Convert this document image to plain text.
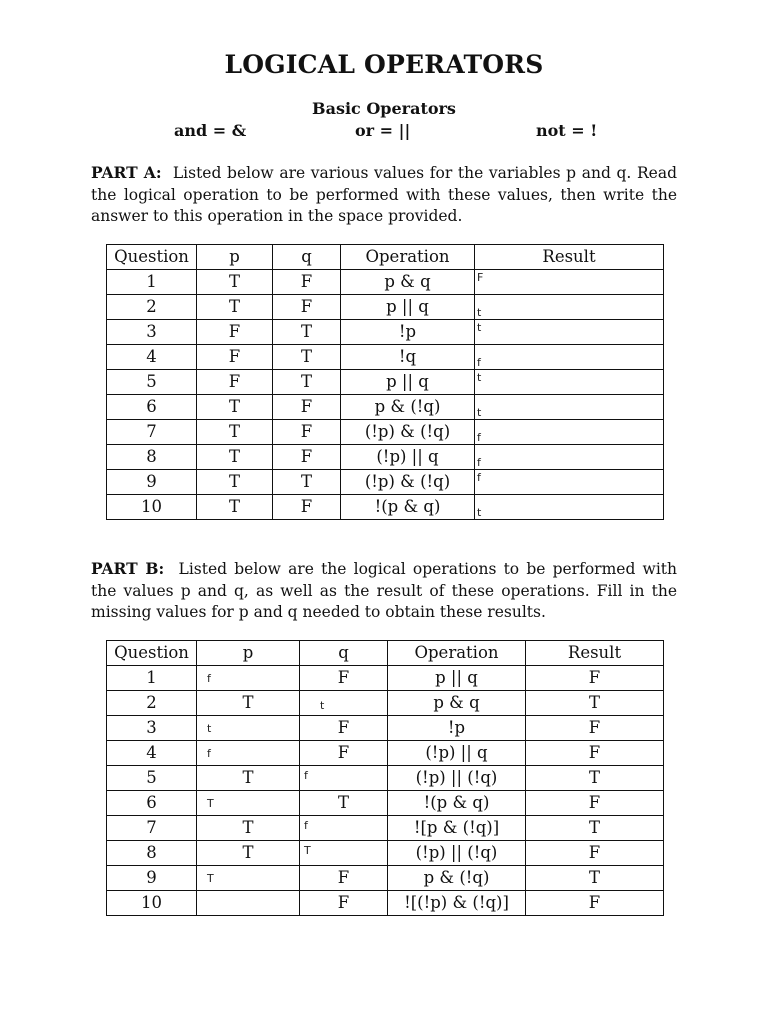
LOGICAL OPERATORS
Basic Operators
and = &	or = ||	not = !

PART A: Listed below are various values for the variables p and q. Read the logical operation to be performed with these values, then write the answer to this operation in the space provided.

Question	p	q	Operation	Result
1	T	F	p & q	F

2	T	F	p || q	t

3	F	T	!p	t

4	F	T	!q	f

5	F	T	p || q	t

6	T	F	p & (!q)	t

7	T	F	(!p) & (!q)	f

8	T	F	(!p) || q	f

9	T	T	(!p) & (!q)	f

10	T	F	!(p & q)	t

PART B: Listed below are the logical operations to be performed with the values p and q, as well as the result of these operations. Fill in the missing values for p and q needed to obtain these results.

Question	p	q	Operation	Result
1	f	F	p || q	F
2	T	t	p & q	T
3	t	F	!p	F
4	f	F	(!p) || q	F
5	T	f	(!p) || (!q)	T
6	T	T	!(p & q)	F
7	T	f	![p & (!q)]	T
8	T	T	(!p) || (!q)	F
9	T	F	p & (!q)	T
10		F	![(!p) & (!q)]	F
